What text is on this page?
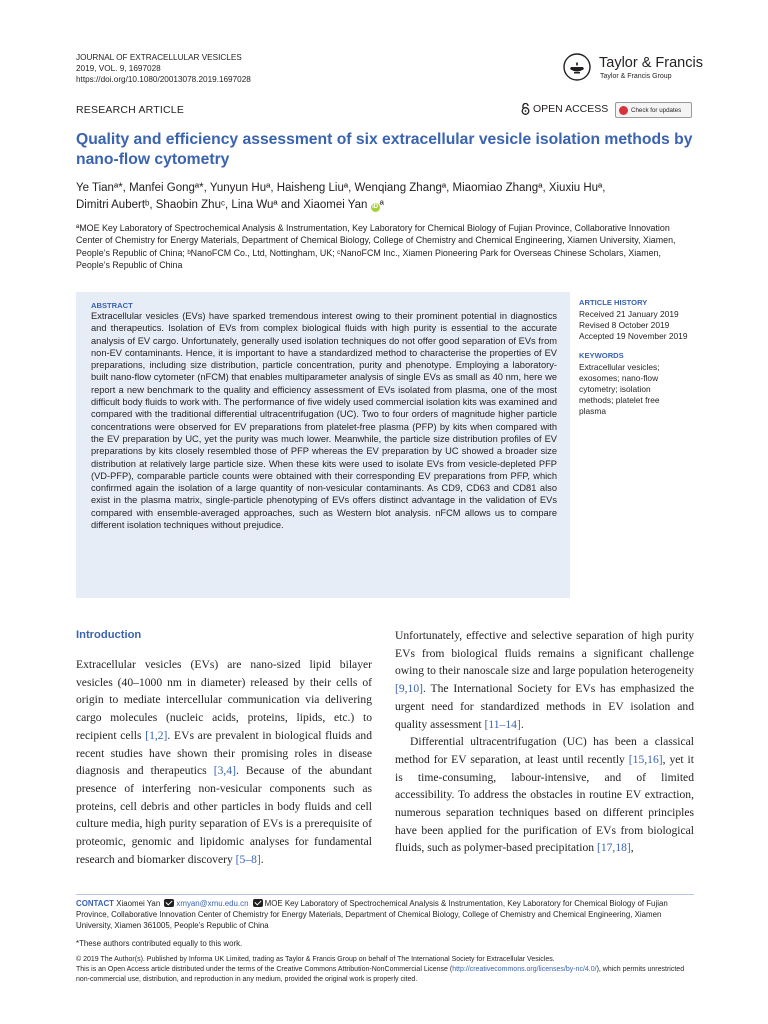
JOURNAL OF EXTRACELLULAR VESICLES
2019, VOL. 9, 1697028
https://doi.org/10.1080/20013078.2019.1697028
Taylor & Francis
Taylor & Francis Group
RESEARCH ARTICLE	OPEN ACCESS	Check for updates
Quality and efficiency assessment of six extracellular vesicle isolation methods by nano-flow cytometry
Ye Tianª*, Manfei Gongª*, Yunyun Huª, Haisheng Liuª, Wenqiang Zhangª, Miaomiao Zhangª, Xiuxiu Huª,
Dimitri Aubertᵇ, Shaobin Zhuᶜ, Lina Wuª and Xiaomei Yan iD ª
ªMOE Key Laboratory of Spectrochemical Analysis & Instrumentation, Key Laboratory for Chemical Biology of Fujian Province, Collaborative Innovation Center of Chemistry for Energy Materials, Department of Chemical Biology, College of Chemistry and Chemical Engineering, Xiamen University, Xiamen, People’s Republic of China; ᵇNanoFCM Co., Ltd, Nottingham, UK; ᶜNanoFCM Inc., Xiamen Pioneering Park for Overseas Chinese Scholars, Xiamen, People’s Republic of China
ABSTRACT
Extracellular vesicles (EVs) have sparked tremendous interest owing to their prominent potential in diagnostics and therapeutics. Isolation of EVs from complex biological fluids with high purity is essential to the accurate analysis of EV cargo. Unfortunately, generally used isolation techniques do not offer good separation of EVs from non-EV contaminants. Hence, it is important to have a standardized method to characterise the properties of EV preparations, including size distribution, particle concentration, purity and phenotype. Employing a laboratory-built nano-flow cytometer (nFCM) that enables multiparameter analysis of single EVs as small as 40 nm, here we report a new benchmark to the quality and efficiency assessment of EVs isolated from plasma, one of the most difficult body fluids to work with. The performance of five widely used commercial isolation kits was examined and compared with the traditional differential ultracentrifugation (UC). Two to four orders of magnitude higher particle concentrations were observed for EV preparations from platelet-free plasma (PFP) by kits when compared with the EV preparation by UC, yet the purity was much lower. Meanwhile, the particle size distribution profiles of EV preparations by kits closely resembled those of PFP whereas the EV preparation by UC showed a broader size distribution at relatively large particle size. When these kits were used to isolate EVs from vesicle-depleted PFP (VD-PFP), comparable particle counts were obtained with their corresponding EV preparations from PFP, which confirmed again the isolation of a large quantity of non-vesicular contaminants. As CD9, CD63 and CD81 also exist in the plasma matrix, single-particle phenotyping of EVs offers distinct advantage in the validation of EVs compared with ensemble-averaged approaches, such as Western blot analysis. nFCM allows us to compare different isolation techniques without prejudice.
ARTICLE HISTORY
Received 21 January 2019
Revised 8 October 2019
Accepted 19 November 2019
KEYWORDS
Extracellular vesicles;
exosomes; nano-flow
cytometry; isolation
methods; platelet free
plasma
Introduction

Extracellular vesicles (EVs) are nano-sized lipid bilayer vesicles (40–1000 nm in diameter) released by their cells of origin to mediate intercellular communication via delivering cargo molecules (nucleic acids, proteins, lipids, etc.) to recipient cells [1,2]. EVs are prevalent in biological fluids and recent studies have shown their promising roles in disease diagnosis and therapeutics [3,4]. Because of the abundant presence of interfering non-vesicular components such as proteins, cell debris and other particles in body fluids and cell culture media, high purity separation of EVs is a prerequisite of proteomic, genomic and lipidomic analyses for fundamental research and biomarker discovery [5–8].

Unfortunately, effective and selective separation of high purity EVs from biological fluids remains a significant challenge owing to their nanoscale size and large population heterogeneity [9,10]. The International Society for EVs has emphasized the urgent need for standardized methods in EV isolation and quality assessment [11–14].

Differential ultracentrifugation (UC) has been a classical method for EV separation, at least until recently [15,16], yet it is time-consuming, labour-intensive, and of limited accessibility. To address the obstacles in routine EV extraction, numerous separation techniques based on different principles have been applied for the purification of EVs from biological fluids, such as polymer-based precipitation [17,18],

CONTACT Xiaomei Yan xmyan@xmu.edu.cn MOE Key Laboratory of Spectrochemical Analysis & Instrumentation, Key Laboratory for Chemical Biology of Fujian Province, Collaborative Innovation Center of Chemistry for Energy Materials, Department of Chemical Biology, College of Chemistry and Chemical Engineering, Xiamen University, Xiamen 361005, People’s Republic of China
*These authors contributed equally to this work.
© 2019 The Author(s). Published by Informa UK Limited, trading as Taylor & Francis Group on behalf of The International Society for Extracellular Vesicles.
This is an Open Access article distributed under the terms of the Creative Commons Attribution-NonCommercial License (http://creativecommons.org/licenses/by-nc/4.0/), which permits unrestricted non-commercial use, distribution, and reproduction in any medium, provided the original work is properly cited.
